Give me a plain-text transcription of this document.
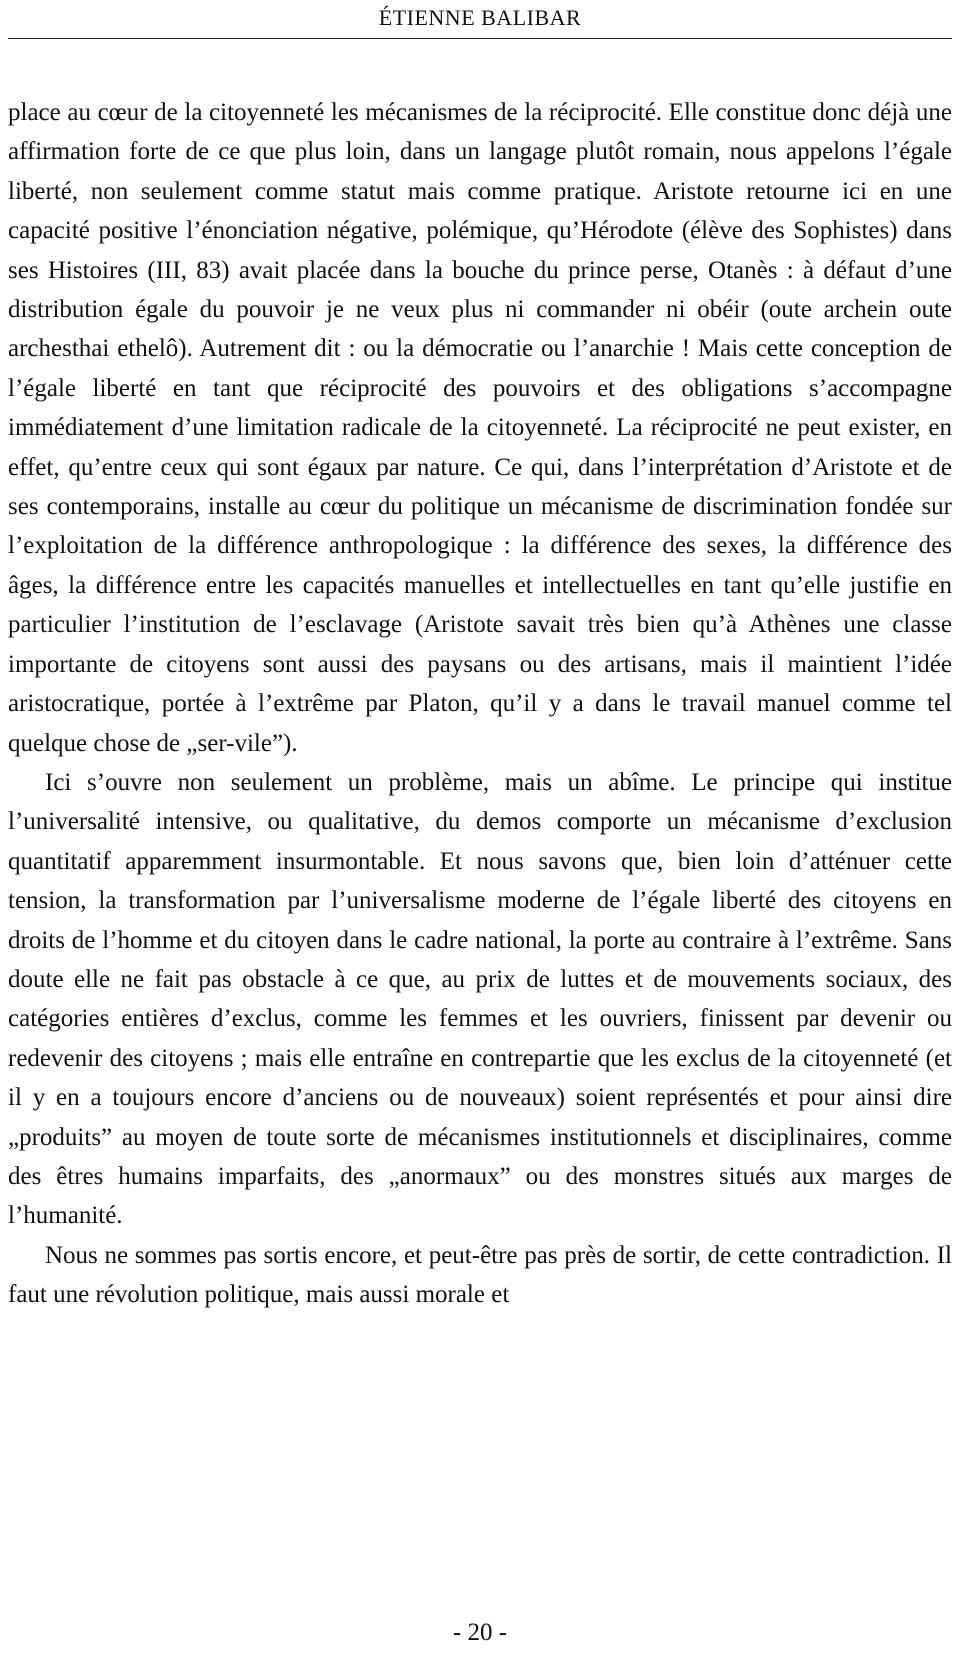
ÉTIENNE BALIBAR

place au cœur de la citoyenneté les mécanismes de la réciprocité. Elle constitue donc déjà une affirmation forte de ce que plus loin, dans un langage plutôt romain, nous appelons l’égale liberté, non seulement comme statut mais comme pratique. Aristote retourne ici en une capacité positive l’énonciation négative, polémique, qu’Hérodote (élève des Sophistes) dans ses Histoires (III, 83) avait placée dans la bouche du prince perse, Otanès : à défaut d’une distribution égale du pouvoir je ne veux plus ni commander ni obéir (oute archein oute archesthai ethelô). Autrement dit : ou la démocratie ou l’anarchie ! Mais cette conception de l’égale liberté en tant que réciprocité des pouvoirs et des obligations s’accompagne immédiatement d’une limitation radicale de la citoyenneté. La réciprocité ne peut exister, en effet, qu’entre ceux qui sont égaux par nature. Ce qui, dans l’interprétation d’Aristote et de ses contemporains, installe au cœur du politique un mécanisme de discrimination fondée sur l’exploitation de la différence anthropologique : la différence des sexes, la différence des âges, la différence entre les capacités manuelles et intellectuelles en tant qu’elle justifie en particulier l’institution de l’esclavage (Aristote savait très bien qu’à Athènes une classe importante de citoyens sont aussi des paysans ou des artisans, mais il maintient l’idée aristocratique, portée à l’extrême par Platon, qu’il y a dans le travail manuel comme tel quelque chose de „ser-vile”).

Ici s’ouvre non seulement un problème, mais un abîme. Le principe qui institue l’universalité intensive, ou qualitative, du demos comporte un mécanisme d’exclusion quantitatif apparemment insurmontable. Et nous savons que, bien loin d’atténuer cette tension, la transformation par l’universalisme moderne de l’égale liberté des citoyens en droits de l’homme et du citoyen dans le cadre national, la porte au contraire à l’extrême. Sans doute elle ne fait pas obstacle à ce que, au prix de luttes et de mouvements sociaux, des catégories entières d’exclus, comme les femmes et les ouvriers, finissent par devenir ou redevenir des citoyens ; mais elle entraîne en contrepartie que les exclus de la citoyenneté (et il y en a toujours encore d’anciens ou de nouveaux) soient représentés et pour ainsi dire „produits” au moyen de toute sorte de mécanismes institutionnels et disciplinaires, comme des êtres humains imparfaits, des „anormaux” ou des monstres situés aux marges de l’humanité.

Nous ne sommes pas sortis encore, et peut-être pas près de sortir, de cette contradiction. Il faut une révolution politique, mais aussi morale et

- 20 -
